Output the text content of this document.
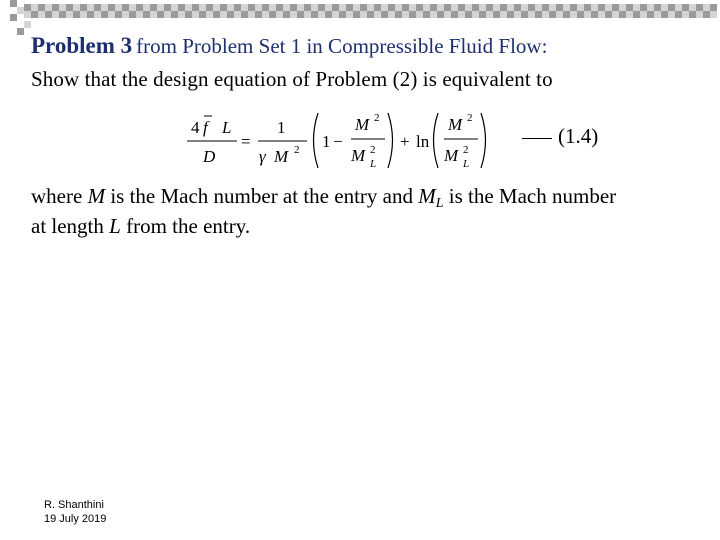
Problem 3 from Problem Set 1 in Compressible Fluid Flow:
Show that the design equation of Problem (2) is equivalent to
4 f L
D
=
1
γ M 2 1 −
M 2
M 2
L
+ ln
M 2
M 2
L
(1.4)
where M is the Mach number at the entry and $M_L$ is the Mach number
at length L from the entry.
R. Shanthini
19 July 2019
